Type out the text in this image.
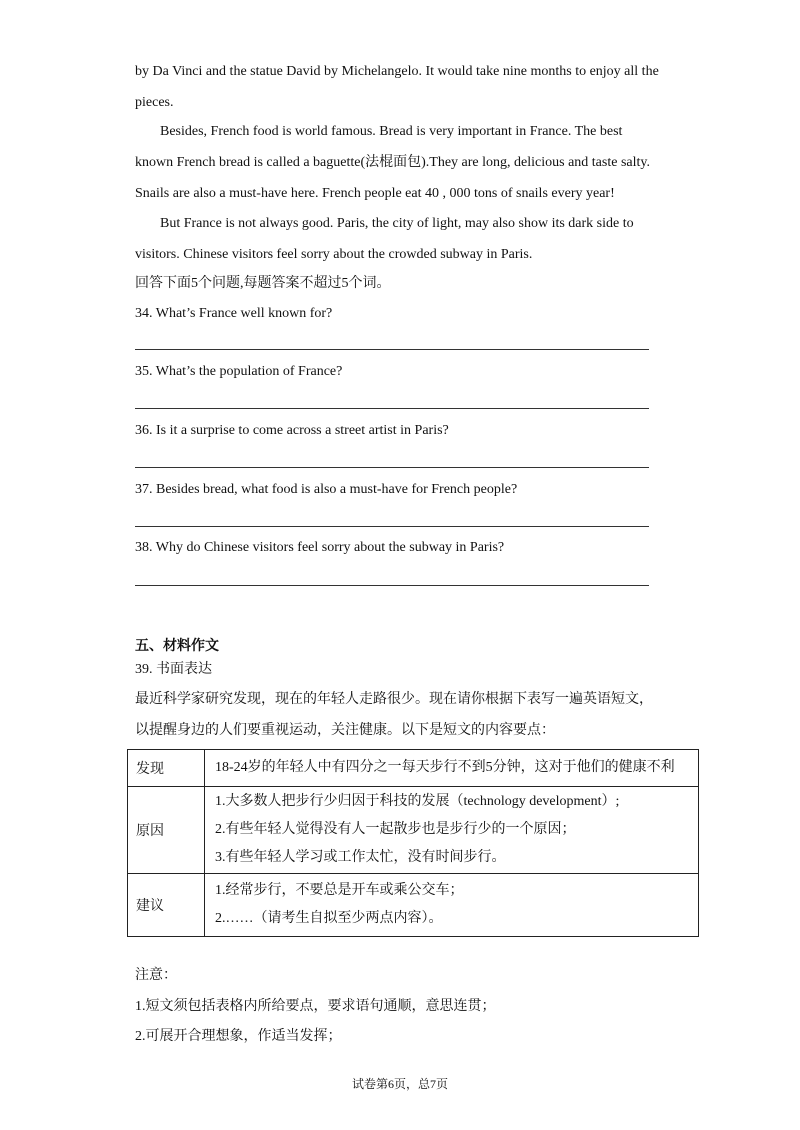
by Da Vinci and the statue David by Michelangelo. It would take nine months to enjoy all the

pieces.

Besides, French food is world famous. Bread is very important in France. The best

known French bread is called a baguette(法棍面包).They are long, delicious and taste salty.

Snails are also a must-have here. French people eat 40 , 000 tons of snails every year!

But France is not always good. Paris, the city of light, may also show its dark side to

visitors. Chinese visitors feel sorry about the crowded subway in Paris.

回答下面5个问题,每题答案不超过5个词。

34. What’s France well known for?

35. What’s the population of France?

36. Is it a surprise to come across a street artist in Paris?

37. Besides bread, what food is also a must-have for French people?

38. Why do Chinese visitors feel sorry about the subway in Paris?

五、材料作文

39. 书面表达

最近科学家研究发现，现在的年轻人走路很少。现在请你根据下表写一遍英语短文，

以提醒身边的人们要重视运动，关注健康。以下是短文的内容要点：

发现	18-24岁的年轻人中有四分之一每天步行不到5分钟，这对于他们的健康不利

原因	1.大多数人把步行少归因于科技的发展（technology development）;
2.有些年轻人觉得没有人一起散步也是步行少的一个原因；
3.有些年轻人学习或工作太忙，没有时间步行。

建议	1.经常步行，不要总是开车或乘公交车；
2.……（请考生自拟至少两点内容）。

注意：

1.短文须包括表格内所给要点，要求语句通顺，意思连贯；

2.可展开合理想象，作适当发挥；

试卷第6页，总7页
